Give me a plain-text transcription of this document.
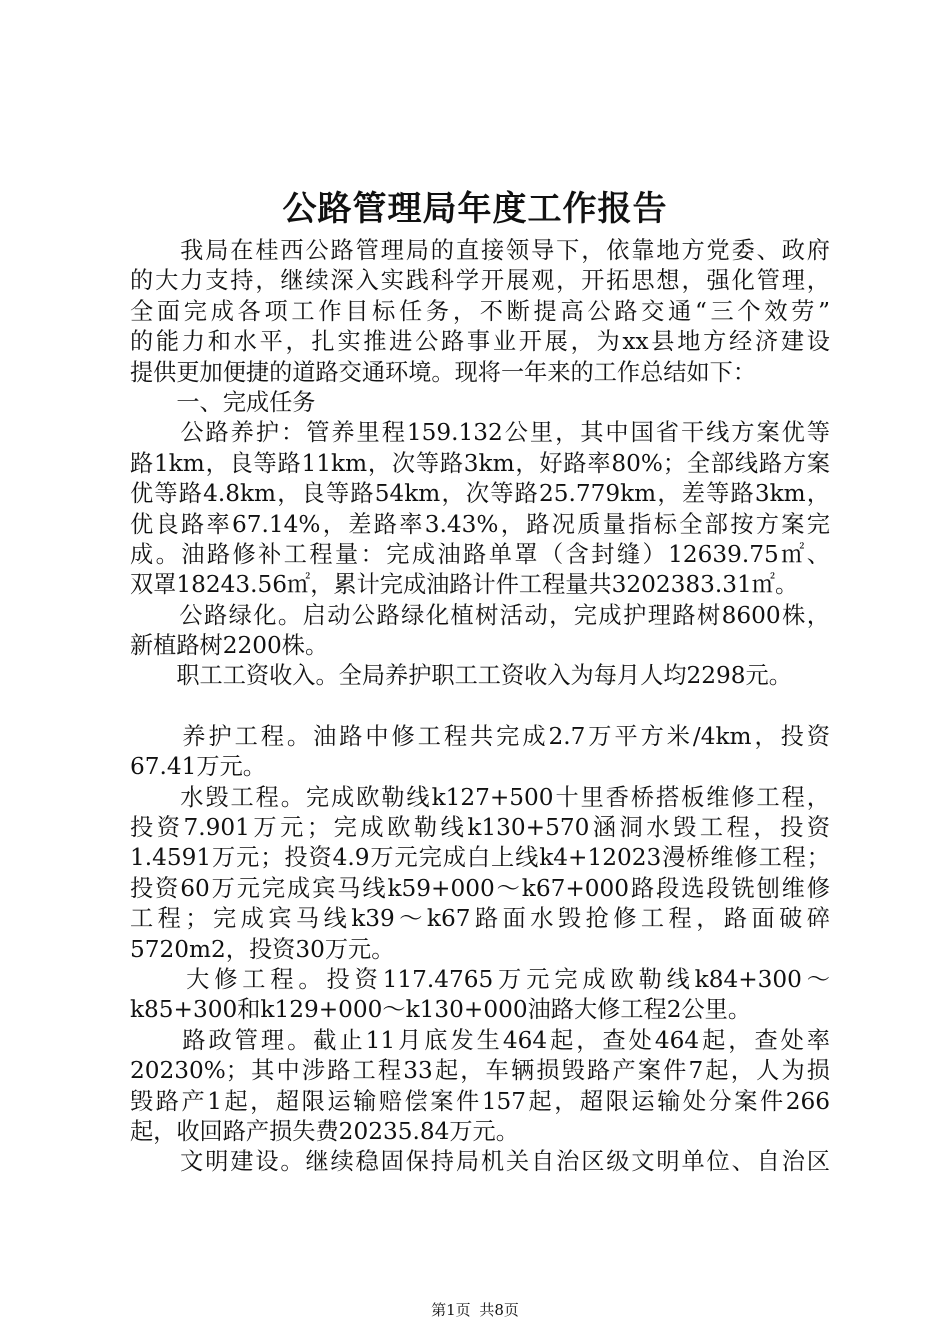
公路管理局年度工作报告
　　我局在桂西公路管理局的直接领导下，依靠地方党委、政府
的大力支持，继续深入实践科学开展观，开拓思想，强化管理，
全面完成各项工作目标任务，不断提高公路交通“三个效劳”
的能力和水平，扎实推进公路事业开展，为xx县地方经济建设
提供更加便捷的道路交通环境。现将一年来的工作总结如下：
　　一、完成任务
　　公路养护：管养里程159.132公里，其中国省干线方案优等
路1km，良等路11km，次等路3km，好路率80%；全部线路方案
优等路4.8km，良等路54km，次等路25.779km，差等路3km，
优良路率67.14%，差路率3.43%，路况质量指标全部按方案完
成。油路修补工程量：完成油路单罩（含封缝）12639.75㎡、
双罩18243.56㎡，累计完成油路计件工程量共3202383.31㎡。
　　公路绿化。启动公路绿化植树活动，完成护理路树8600株，
新植路树2200株。
　　职工工资收入。全局养护职工工资收入为每月人均2298元。
　　养护工程。油路中修工程共完成2.7万平方米/4km，投资
67.41万元。
　　水毁工程。完成欧勒线k127+500十里香桥搭板维修工程，
投资7.901万元；完成欧勒线k130+570涵洞水毁工程，投资
1.4591万元；投资4.9万元完成白上线k4+12023漫桥维修工程；
投资60万元完成宾马线k59+000～k67+000路段选段铣刨维修
工程；完成宾马线k39～k67路面水毁抢修工程，路面破碎
5720m2，投资30万元。
　　大修工程。投资117.4765万元完成欧勒线k84+300～
k85+300和k129+000～k130+000油路大修工程2公里。
　　路政管理。截止11月底发生464起，查处464起，查处率
20230%；其中涉路工程33起，车辆损毁路产案件7起，人为损
毁路产1起，超限运输赔偿案件157起，超限运输处分案件266
起，收回路产损失费20235.84万元。
　　文明建设。继续稳固保持局机关自治区级文明单位、自治区
第1页 共8页
